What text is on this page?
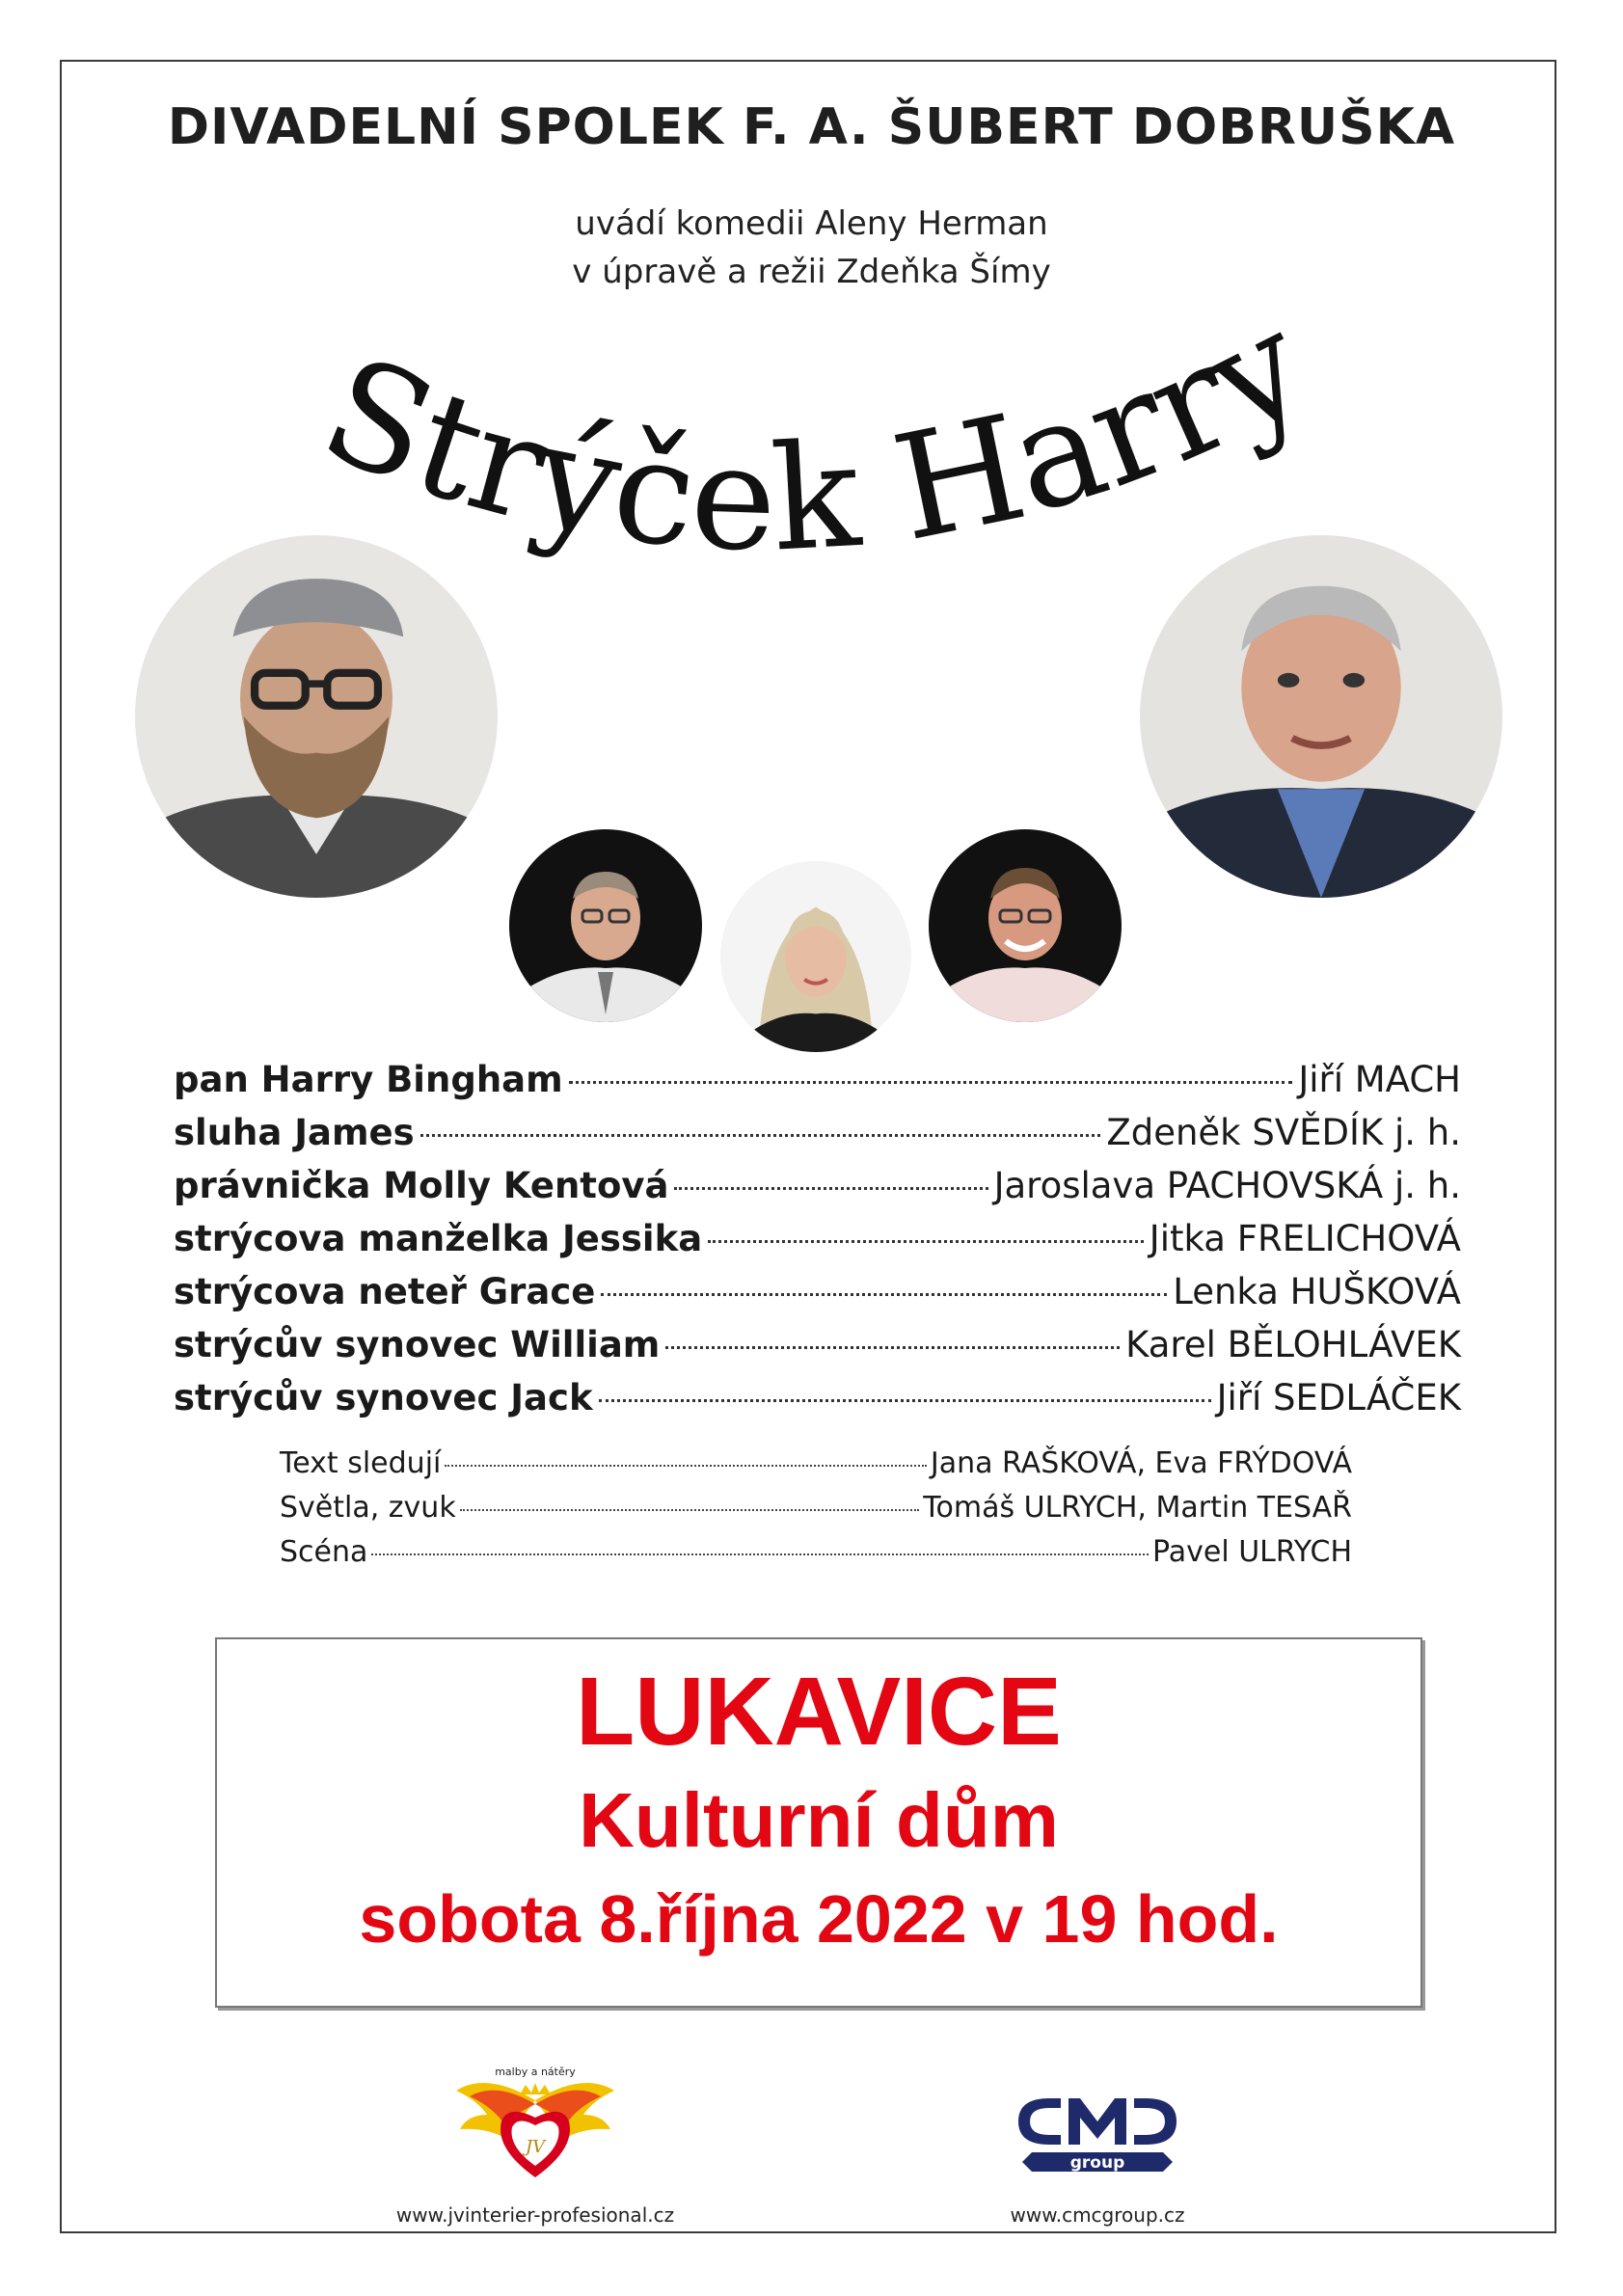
DIVADELNÍ SPOLEK F. A. ŠUBERT DOBRUŠKA
uvádí komedii Aleny Herman
v úpravě a režii Zdeňka Šímy
Strýček Harry
pan Harry Bingham	Jiří MACH
sluha James	Zdeněk SVĚDÍK j. h.
právnička Molly Kentová	Jaroslava PACHOVSKÁ j. h.
strýcova manželka Jessika	Jitka FRELICHOVÁ
strýcova neteř Grace	Lenka HUŠKOVÁ
strýcův synovec William	Karel BĚLOHLÁVEK
strýcův synovec Jack	Jiří SEDLÁČEK
Text sledují	Jana RAŠKOVÁ, Eva FRÝDOVÁ
Světla, zvuk	Tomáš ULRYCH, Martin TESAŘ
Scéna	Pavel ULRYCH
LUKAVICE
Kulturní dům
sobota 8.října 2022 v 19 hod.
JV
malby a nátěry
www.jvinterier-profesional.cz
group
www.cmcgroup.cz
